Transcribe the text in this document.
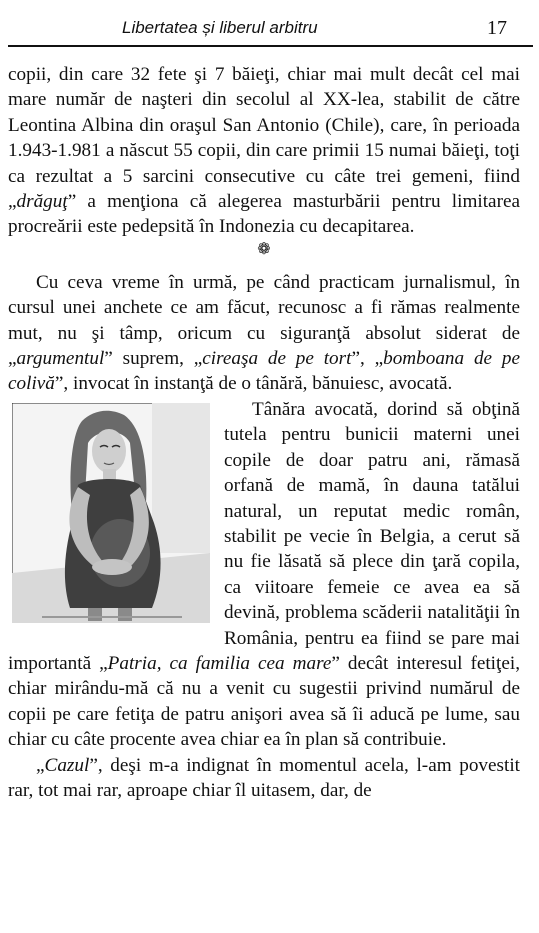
Libertatea și liberul arbitru	17

copii, din care 32 fete şi 7 băieţi, chiar mai mult decât cel mai mare număr de naşteri din secolul al XX-lea, stabilit de către Leontina Albina din oraşul San Antonio (Chile), care, în perioada 1.943-1.981 a născut 55 copii, din care primii 15 numai băieţi, toţi ca rezultat a 5 sarcini consecutive cu câte trei gemeni, fiind „drăguţ” a menţiona că alegerea masturbării pentru limitarea procreării este pedepsită în Indonezia cu decapitarea.

❁

Cu ceva vreme în urmă, pe când practicam jurnalismul, în cursul unei anchete ce am făcut, recunosc a fi rămas realmente mut, nu şi tâmp, oricum cu siguranţă absolut siderat de „argumentul” suprem, „cireaşa de pe tort”, „bomboana de pe colivă”, invocat în instanţă de o tânără, bănuiesc, avocată.

Tânăra avocată, dorind să obţină tutela pentru bunicii materni unei copile de doar patru ani, rămasă orfană de mamă, în dauna tatălui natural, un reputat medic român, stabilit pe vecie în Belgia, a cerut să nu fie lăsată să plece din ţară copila, ca viitoare femeie ce avea ea să devină, problema scăderii natalităţii în România, pentru ea fiind se pare mai importantă „Patria, ca familia cea mare” decât interesul fetiţei, chiar mirându-mă că nu a venit cu sugestii privind numărul de copii pe care fetiţa de patru anişori avea să îi aducă pe lume, sau chiar cu câte procente avea chiar ea în plan să contribuie.

„Cazul”, deşi m-a indignat în momentul acela, l-am povestit rar, tot mai rar, aproape chiar îl uitasem, dar, de
